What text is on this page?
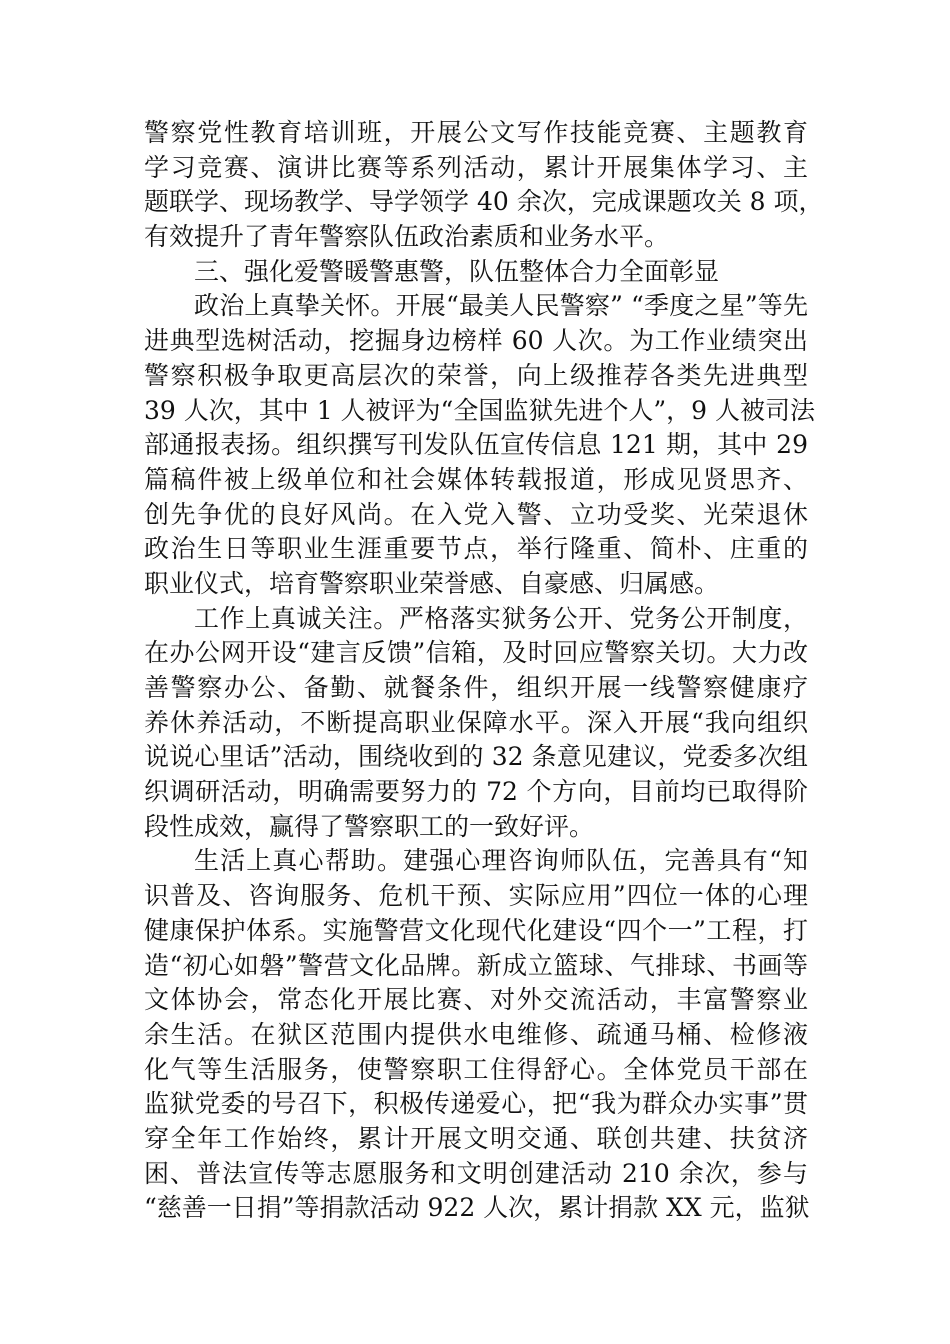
警察党性教育培训班，开展公文写作技能竞赛、主题教育
学习竞赛、演讲比赛等系列活动，累计开展集体学习、主
题联学、现场教学、导学领学 40 余次，完成课题攻关 8 项，
有效提升了青年警察队伍政治素质和业务水平。
三、强化爱警暖警惠警，队伍整体合力全面彰显
政治上真挚关怀。开展“最美人民警察” “季度之星”等先
进典型选树活动，挖掘身边榜样 60 人次。为工作业绩突出
警察积极争取更高层次的荣誉，向上级推荐各类先进典型
39 人次，其中 1 人被评为“全国监狱先进个人”，9 人被司法
部通报表扬。组织撰写刊发队伍宣传信息 121 期，其中 29
篇稿件被上级单位和社会媒体转载报道，形成见贤思齐、
创先争优的良好风尚。在入党入警、立功受奖、光荣退休
政治生日等职业生涯重要节点，举行隆重、简朴、庄重的
职业仪式，培育警察职业荣誉感、自豪感、归属感。
工作上真诚关注。严格落实狱务公开、党务公开制度，
在办公网开设“建言反馈”信箱，及时回应警察关切。大力改
善警察办公、备勤、就餐条件，组织开展一线警察健康疗
养休养活动，不断提高职业保障水平。深入开展“我向组织
说说心里话”活动，围绕收到的 32 条意见建议，党委多次组
织调研活动，明确需要努力的 72 个方向，目前均已取得阶
段性成效，赢得了警察职工的一致好评。
生活上真心帮助。建强心理咨询师队伍，完善具有“知
识普及、咨询服务、危机干预、实际应用”四位一体的心理
健康保护体系。实施警营文化现代化建设“四个一”工程，打
造“初心如磐”警营文化品牌。新成立篮球、气排球、书画等
文体协会，常态化开展比赛、对外交流活动，丰富警察业
余生活。在狱区范围内提供水电维修、疏通马桶、检修液
化气等生活服务，使警察职工住得舒心。全体党员干部在
监狱党委的号召下，积极传递爱心，把“我为群众办实事”贯
穿全年工作始终，累计开展文明交通、联创共建、扶贫济
困、普法宣传等志愿服务和文明创建活动 210 余次，参与
“慈善一日捐”等捐款活动 922 人次，累计捐款 XX 元，监狱
